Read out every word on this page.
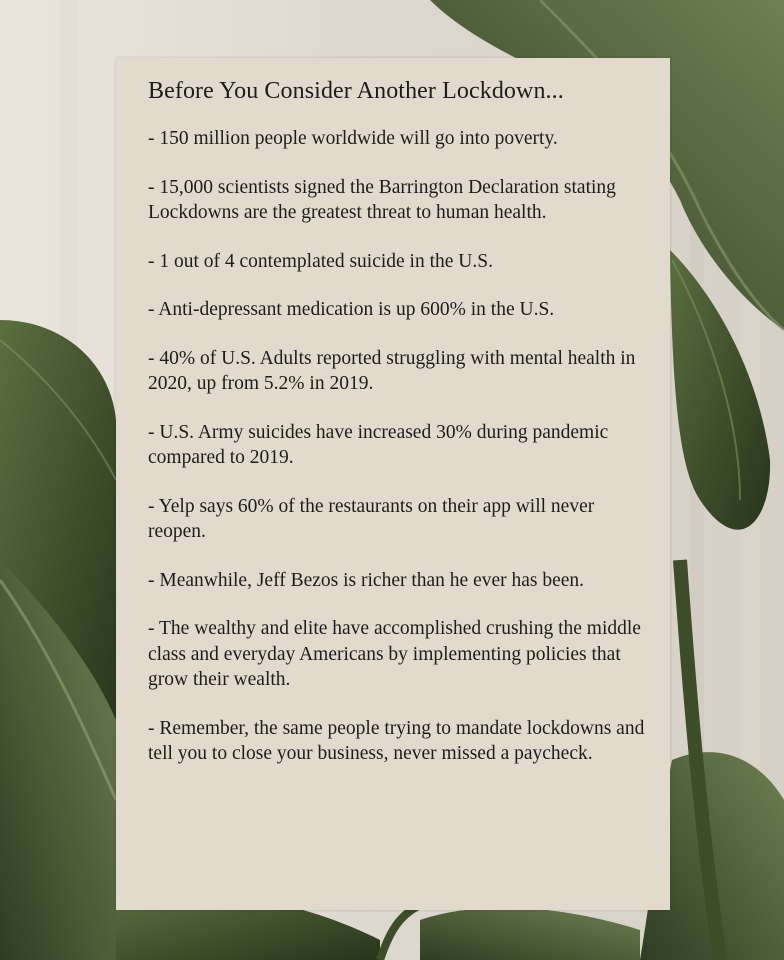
Before You Consider Another Lockdown...
- 150 million people worldwide will go into poverty.
- 15,000 scientists signed the Barrington Declaration stating Lockdowns are the greatest threat to human health.
- 1 out of 4 contemplated suicide in the U.S.
- Anti-depressant medication is up 600% in the U.S.
- 40% of U.S. Adults reported struggling with mental health in 2020, up from 5.2% in 2019.
- U.S. Army suicides have increased 30% during pandemic compared to 2019.
- Yelp says 60% of the restaurants on their app will never reopen.
- Meanwhile, Jeff Bezos is richer than he ever has been.
- The wealthy and elite have accomplished crushing the middle class and everyday Americans by implementing policies that grow their wealth.
- Remember, the same people trying to mandate lockdowns and tell you to close your business, never missed a paycheck.
